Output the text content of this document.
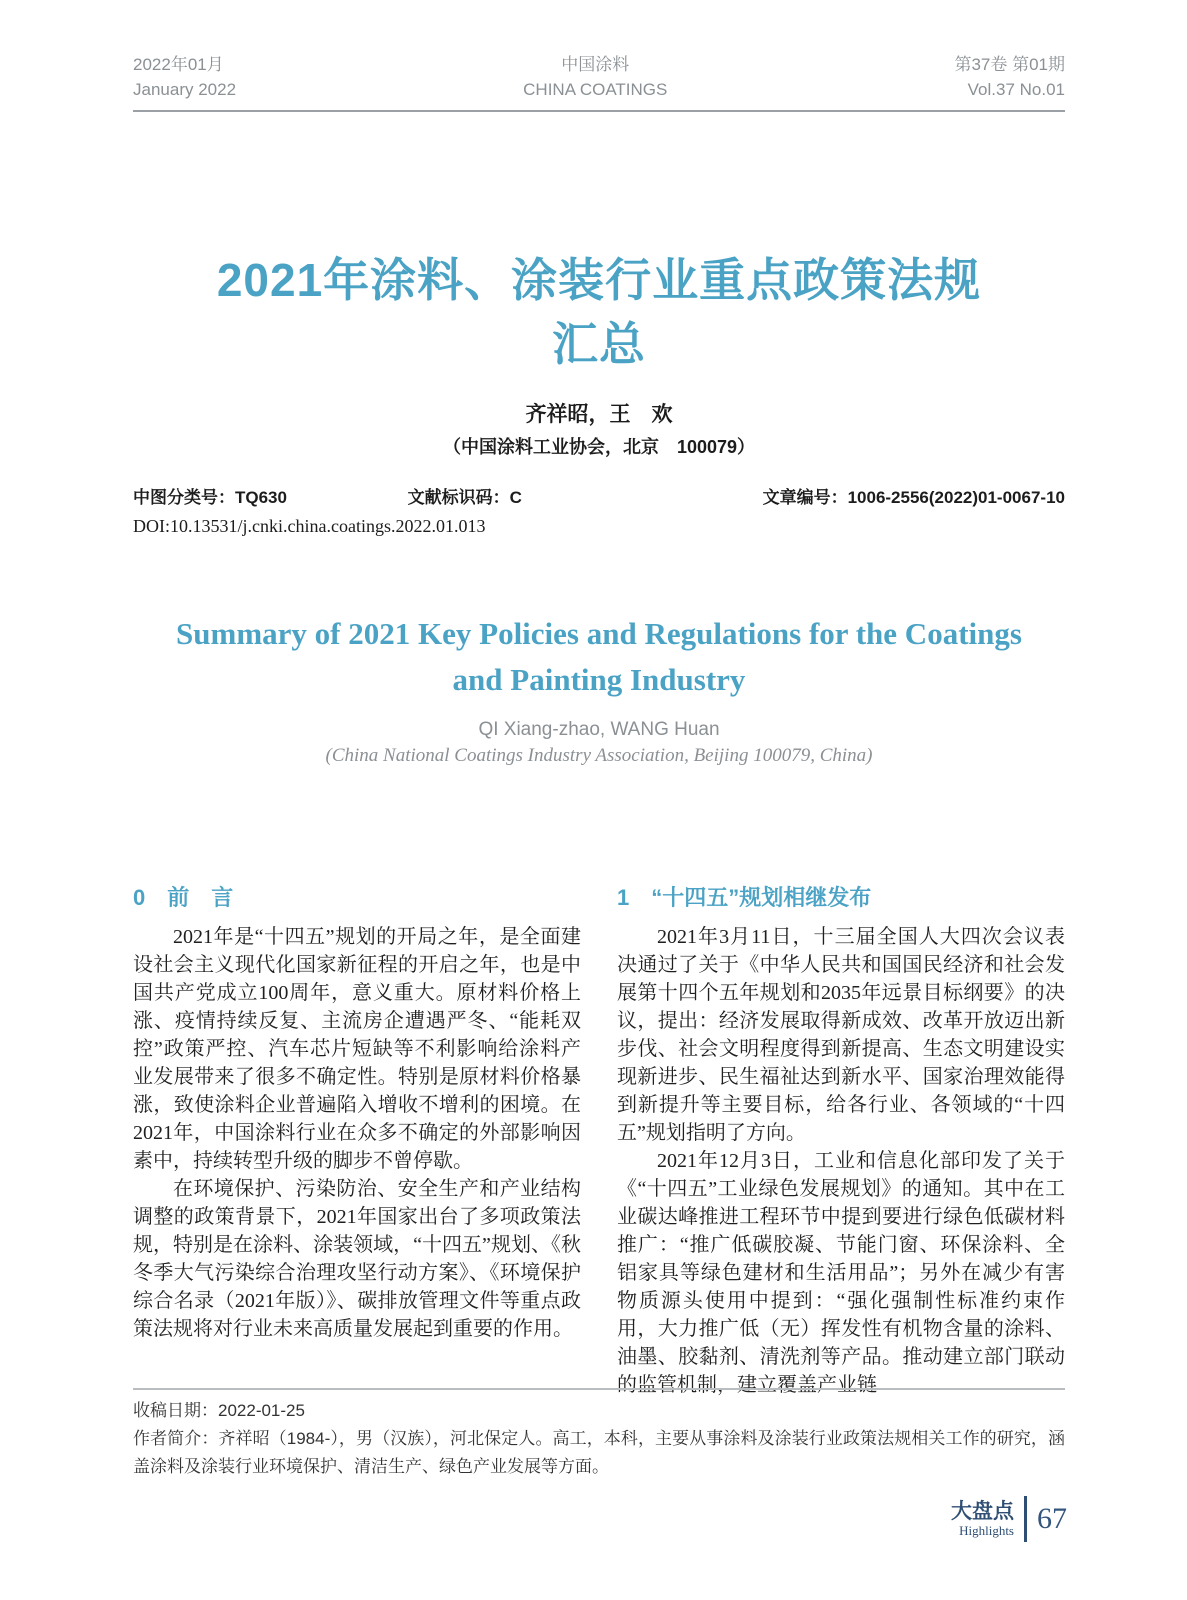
2022年01月
January 2022
中国涂料
CHINA COATINGS
第37卷 第01期
Vol.37 No.01
2021年涂料、涂装行业重点政策法规
汇总
齐祥昭，王　欢
（中国涂料工业协会，北京　100079）
中图分类号：TQ630	文献标识码：C	文章编号：1006-2556(2022)01-0067-10
DOI:10.13531/j.cnki.china.coatings.2022.01.013
Summary of 2021 Key Policies and Regulations for the Coatings and Painting Industry
QI Xiang-zhao, WANG Huan
(China National Coatings Industry Association, Beijing 100079, China)
0　前　言

2021年是“十四五”规划的开局之年，是全面建设社会主义现代化国家新征程的开启之年，也是中国共产党成立100周年，意义重大。原材料价格上涨、疫情持续反复、主流房企遭遇严冬、“能耗双控”政策严控、汽车芯片短缺等不利影响给涂料产业发展带来了很多不确定性。特别是原材料价格暴涨，致使涂料企业普遍陷入增收不增利的困境。在2021年，中国涂料行业在众多不确定的外部影响因素中，持续转型升级的脚步不曾停歇。

在环境保护、污染防治、安全生产和产业结构调整的政策背景下，2021年国家出台了多项政策法规，特别是在涂料、涂装领域，“十四五”规划、《秋冬季大气污染综合治理攻坚行动方案》、《环境保护综合名录（2021年版）》、碳排放管理文件等重点政策法规将对行业未来高质量发展起到重要的作用。

1　“十四五”规划相继发布

2021年3月11日，十三届全国人大四次会议表决通过了关于《中华人民共和国国民经济和社会发展第十四个五年规划和2035年远景目标纲要》的决议，提出：经济发展取得新成效、改革开放迈出新步伐、社会文明程度得到新提高、生态文明建设实现新进步、民生福祉达到新水平、国家治理效能得到新提升等主要目标，给各行业、各领域的“十四五”规划指明了方向。

2021年12月3日，工业和信息化部印发了关于《“十四五”工业绿色发展规划》的通知。其中在工业碳达峰推进工程环节中提到要进行绿色低碳材料推广：“推广低碳胶凝、节能门窗、环保涂料、全铝家具等绿色建材和生活用品”；另外在减少有害物质源头使用中提到：“强化强制性标准约束作用，大力推广低（无）挥发性有机物含量的涂料、油墨、胶黏剂、清洗剂等产品。推动建立部门联动的监管机制，建立覆盖产业链

收稿日期：2022-01-25
作者简介：齐祥昭（1984-），男（汉族），河北保定人。高工，本科，主要从事涂料及涂装行业政策法规相关工作的研究，涵盖涂料及涂装行业环境保护、清洁生产、绿色产业发展等方面。
大盘点
Highlights 67
